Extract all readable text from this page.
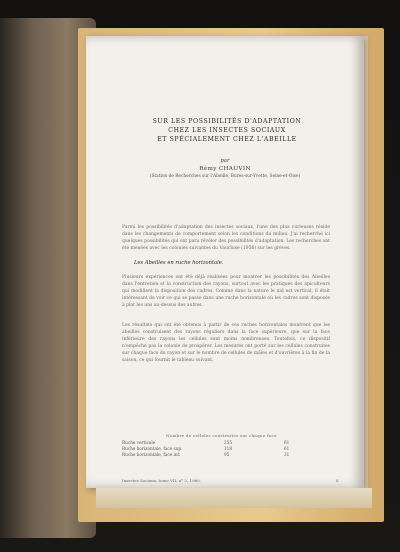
SUR LES POSSIBILITÉS D'ADAPTATION
CHEZ LES INSECTES SOCIAUX
ET SPÉCIALEMENT CHEZ L'ABEILLE
par
Rémy CHAUVIN
(Station de Recherches sur l'Abeille, Bures-sur-Yvette, Seine-et-Oise)
Parmi les possibilités d'adaptation des insectes sociaux, l'une des plus curieuses réside dans les changements de comportement selon les conditions du milieu. J'ai recherché ici quelques possibilités qui ont paru révéler des possibilités d'adaptation. Les recherches ont été menées avec les colonies suivantes du Vaucluse (1956) sur les grèves.
Les Abeilles en ruche horizontale.
Plusieurs expériences ont été déjà réalisées pour montrer les possibilités des Abeilles dans l'entretien et la construction des rayons, surtout avec les pratiques des apiculteurs qui modifient la disposition des cadres. Comme dans la nature le nid est vertical, il était intéressant de voir ce qui se passe dans une ruche horizontale où les cadres sont disposés à plat les uns au-dessus des autres.
Les résultats qui ont été obtenus à partir de ces ruches horizontales montrent que les abeilles construisent des rayons réguliers dans la face supérieure, que sur la face inférieure des rayons les cellules sont moins nombreuses. Toutefois, ce dispositif n'empêche pas la colonie de prospérer. Les mesures ont porté sur les cellules construites sur chaque face du rayon et sur le nombre de cellules de mâles et d'ouvrières à la fin de la saison, ce qui fournit le tableau suivant.
Nombre de cellules construites sur chaque face
Ruche verticale	255	61
Ruche horizontale, face sup.	118	61
Ruche horizontale, face inf.	95	31
Insectes Sociaux, tome VII, n° 2, 1960.	8
